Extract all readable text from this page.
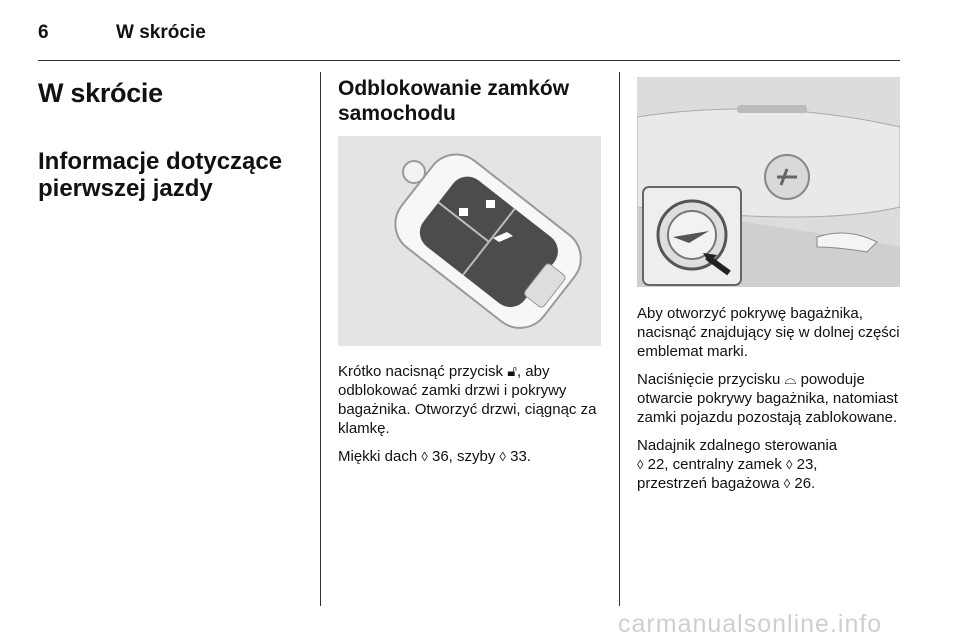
6	W skrócie
W skrócie
Informacje dotyczące pierwszej jazdy
Odblokowanie zamków samochodu

Krótko nacisnąć przycisk 🔓︎, aby odblokować zamki drzwi i pokrywy bagażnika. Otworzyć drzwi, ciągnąc za klamkę.

Miękki dach ◊ 36, szyby ◊ 33.

Aby otworzyć pokrywę bagażnika, nacisnąć znajdujący się w dolnej części emblemat marki.

Naciśnięcie przycisku ⌓ powoduje otwarcie pokrywy bagażnika, natomiast zamki pojazdu pozostają zablokowane.

Nadajnik zdalnego sterowania
◊ 22, centralny zamek ◊ 23,
przestrzeń bagażowa ◊ 26.

carmanualsonline.info
